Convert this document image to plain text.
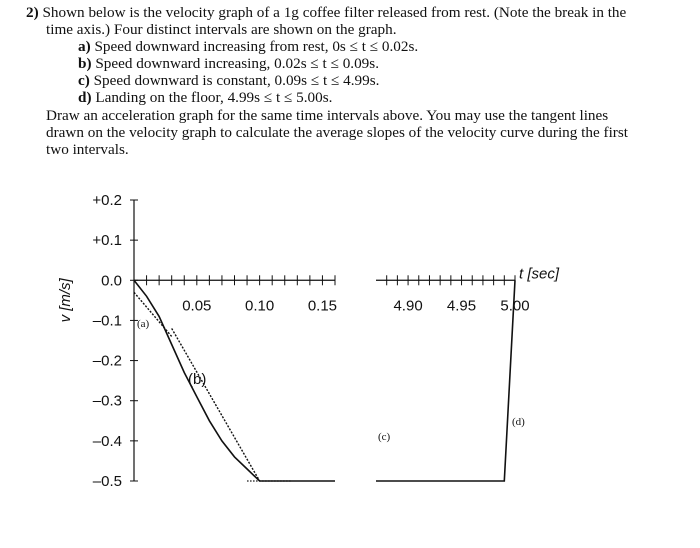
2) Shown below is the velocity graph of a 1g coffee filter released from rest. (Note the break in the
time axis.) Four distinct intervals are shown on the graph.
a) Speed downward increasing from rest, 0s ≤ t ≤ 0.02s.
b) Speed downward increasing, 0.02s ≤ t ≤ 0.09s.
c) Speed downward is constant, 0.09s ≤ t ≤ 4.99s.
d) Landing on the floor, 4.99s ≤ t ≤ 5.00s.
Draw an acceleration graph for the same time intervals above. You may use the tangent lines
drawn on the velocity graph to calculate the average slopes of the velocity curve during the first
two intervals.
+0.2
+0.1
0.0
–0.1
–0.2
–0.3
–0.4
–0.5
v [m/s]	0.05 0.10 0.15	4.90 4.95 5.00
t [sec]
(a)
(b)
(c)
(d)
